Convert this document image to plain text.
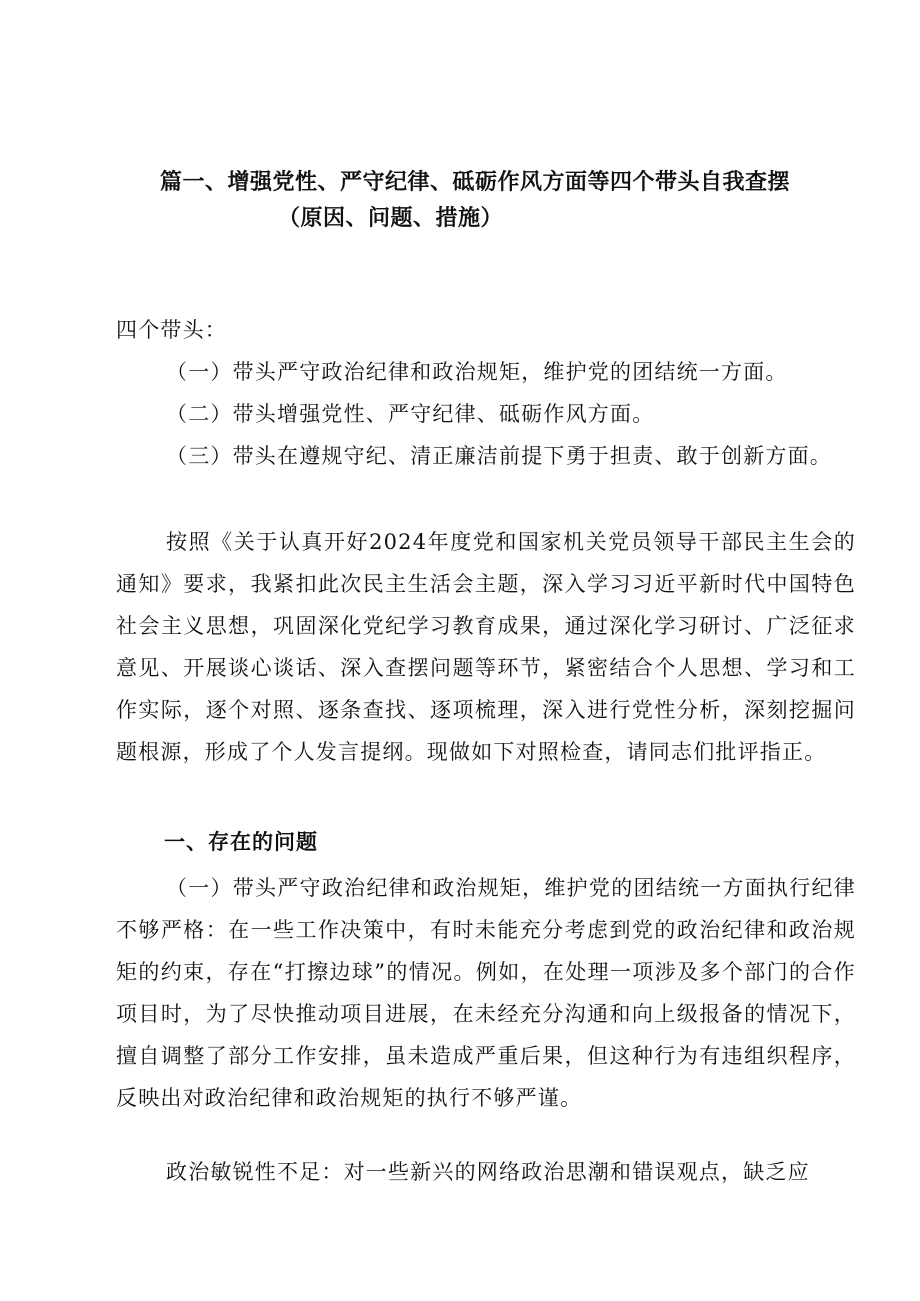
篇一、增强党性、严守纪律、砥砺作风方面等四个带头自我查摆
（原因、问题、措施）

四个带头：

（一）带头严守政治纪律和政治规矩，维护党的团结统一方面。

（二）带头增强党性、严守纪律、砥砺作风方面。

（三）带头在遵规守纪、清正廉洁前提下勇于担责、敢于创新方面。

按照《关于认真开好2024年度党和国家机关党员领导干部民主生会的通知》要求，我紧扣此次民主生活会主题，深入学习习近平新时代中国特色社会主义思想，巩固深化党纪学习教育成果，通过深化学习研讨、广泛征求意见、开展谈心谈话、深入查摆问题等环节，紧密结合个人思想、学习和工作实际，逐个对照、逐条查找、逐项梳理，深入进行党性分析，深刻挖掘问题根源，形成了个人发言提纲。现做如下对照检查，请同志们批评指正。

一、存在的问题

（一）带头严守政治纪律和政治规矩，维护党的团结统一方面执行纪律不够严格：在一些工作决策中，有时未能充分考虑到党的政治纪律和政治规矩的约束，存在“打擦边球”的情况。例如，在处理一项涉及多个部门的合作项目时，为了尽快推动项目进展，在未经充分沟通和向上级报备的情况下，擅自调整了部分工作安排，虽未造成严重后果，但这种行为有违组织程序，反映出对政治纪律和政治规矩的执行不够严谨。

政治敏锐性不足：对一些新兴的网络政治思潮和错误观点，缺乏应
